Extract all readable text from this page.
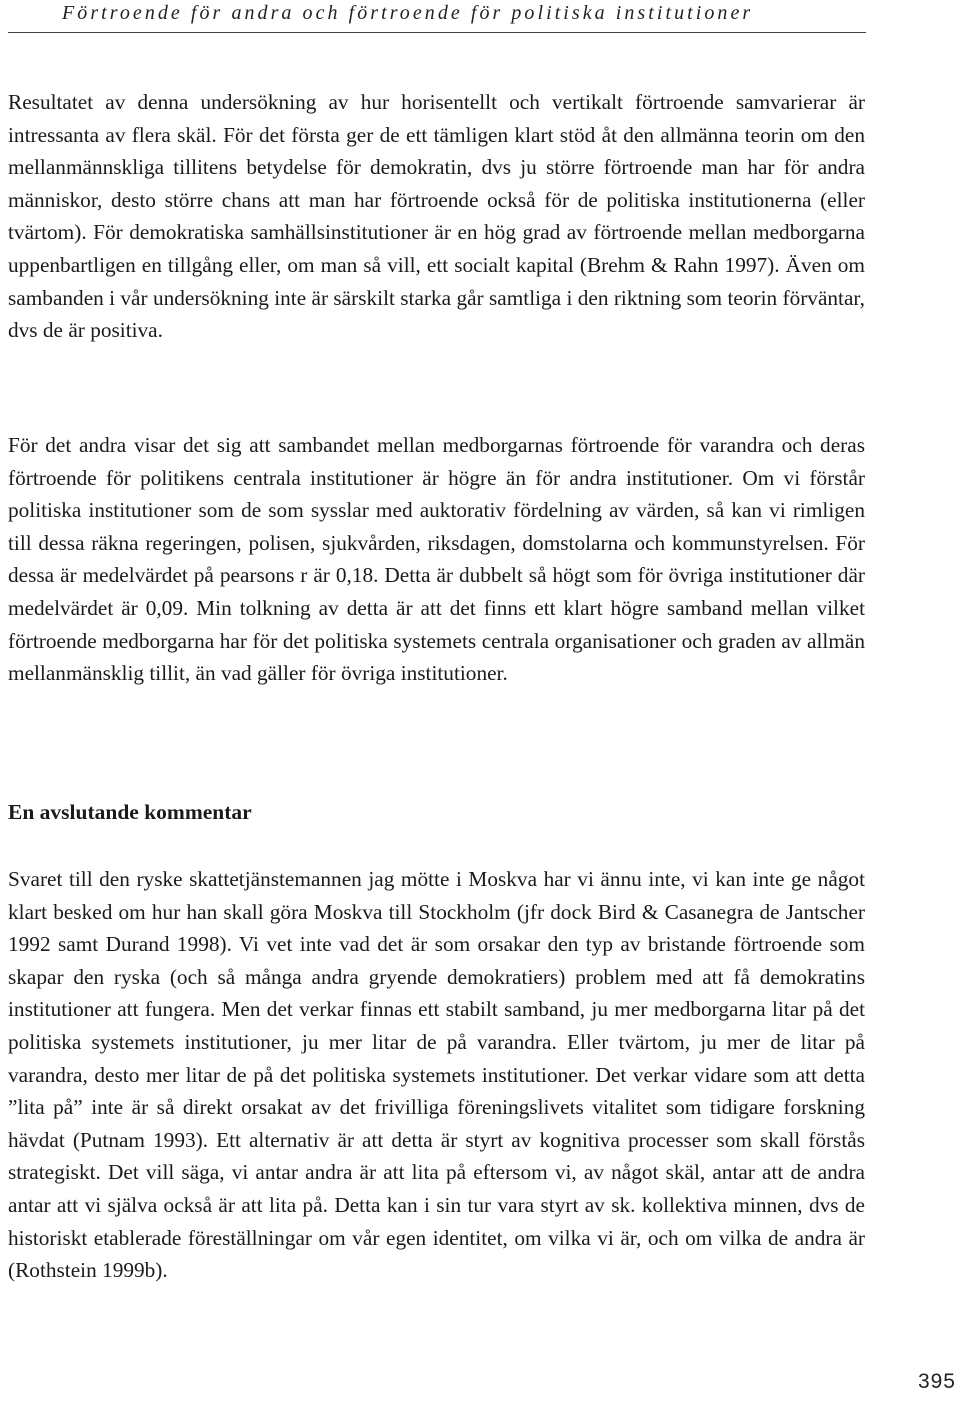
Förtroende för andra och förtroende för politiska institutioner

Resultatet av denna undersökning av hur horisentellt och vertikalt förtroende samvarierar är intressanta av flera skäl. För det första ger de ett tämligen klart stöd åt den allmänna teorin om den mellanmännskliga tillitens betydelse för demokratin, dvs ju större förtroende man har för andra människor, desto större chans att man har förtroende också för de politiska institutionerna (eller tvärtom). För demokratiska samhällsinstitutioner är en hög grad av förtroende mellan medborgarna uppenbartligen en tillgång eller, om man så vill, ett socialt kapital (Brehm & Rahn 1997). Även om sambanden i vår undersökning inte är särskilt starka går samtliga i den riktning som teorin förväntar, dvs de är positiva.

För det andra visar det sig att sambandet mellan medborgarnas förtroende för varandra och deras förtroende för politikens centrala institutioner är högre än för andra institutioner. Om vi förstår politiska institutioner som de som sysslar med auktorativ fördelning av värden, så kan vi rimligen till dessa räkna regeringen, polisen, sjukvården, riksdagen, domstolarna och kommunstyrelsen. För dessa är medelvärdet på pearsons r är 0,18. Detta är dubbelt så högt som för övriga institutioner där medelvärdet är 0,09. Min tolkning av detta är att det finns ett klart högre samband mellan vilket förtroende medborgarna har för det politiska systemets centrala organisationer och graden av allmän mellanmänsklig tillit, än vad gäller för övriga institutioner.

En avslutande kommentar

Svaret till den ryske skattetjänstemannen jag mötte i Moskva har vi ännu inte, vi kan inte ge något klart besked om hur han skall göra Moskva till Stockholm (jfr dock Bird & Casanegra de Jantscher 1992 samt Durand 1998). Vi vet inte vad det är som orsakar den typ av bristande förtroende som skapar den ryska (och så många andra gryende demokratiers) problem med att få demokratins institutioner att fungera. Men det verkar finnas ett stabilt samband, ju mer medborgarna litar på det politiska systemets institutioner, ju mer litar de på varandra. Eller tvärtom, ju mer de litar på varandra, desto mer litar de på det politiska systemets institutioner. Det verkar vidare som att detta ”lita på” inte är så direkt orsakat av det frivilliga föreningslivets vitalitet som tidigare forskning hävdat (Putnam 1993). Ett alternativ är att detta är styrt av kognitiva processer som skall förstås strategiskt. Det vill säga, vi antar andra är att lita på eftersom vi, av något skäl, antar att de andra antar att vi själva också är att lita på. Detta kan i sin tur vara styrt av sk. kollektiva minnen, dvs de historiskt etablerade föreställningar om vår egen identitet, om vilka vi är, och om vilka de andra är (Rothstein 1999b).

395
